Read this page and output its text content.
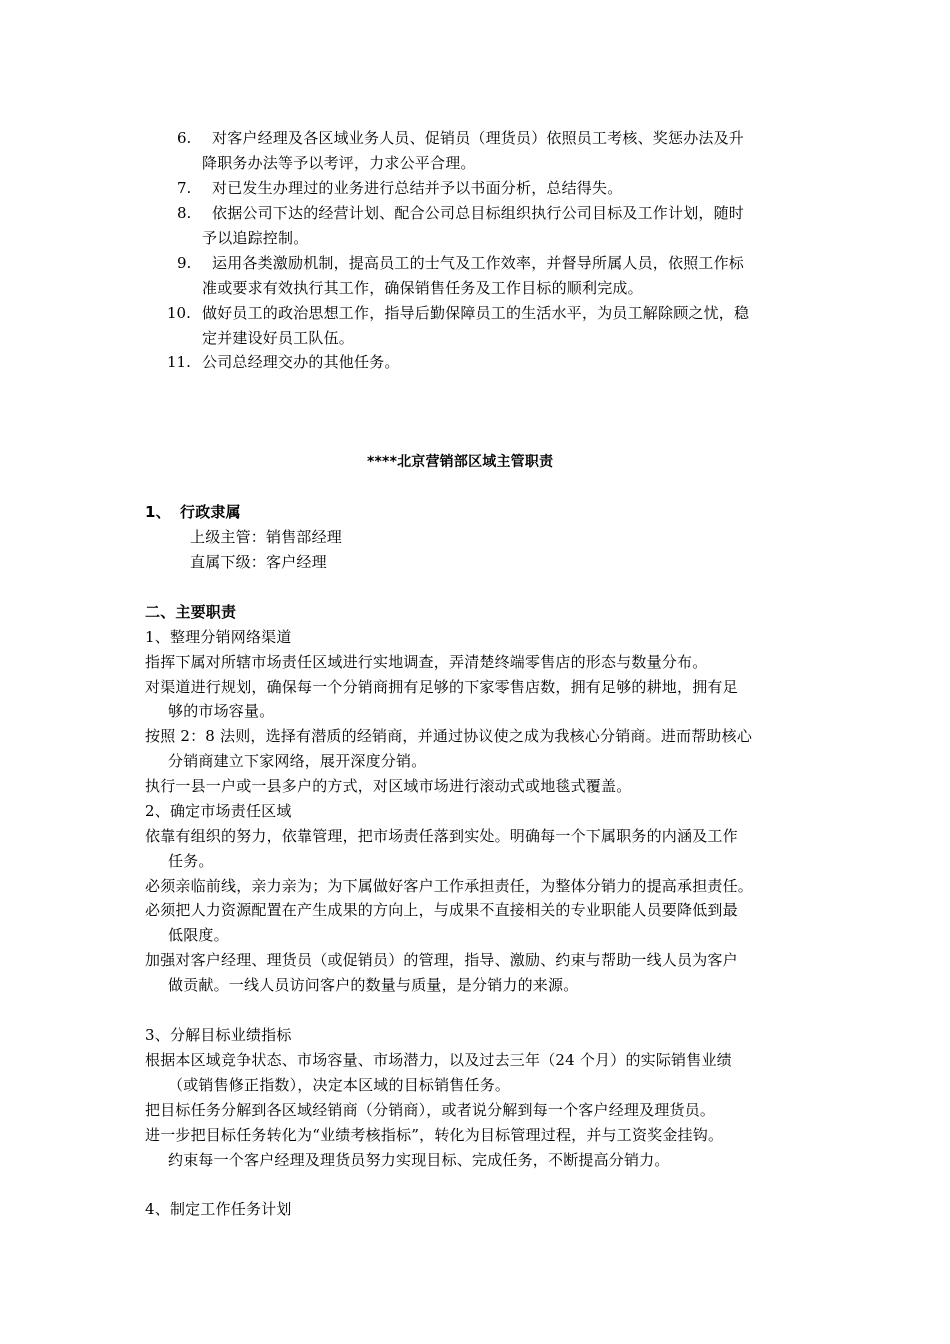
6. 对客户经理及各区域业务人员、促销员（理货员）依照员工考核、奖惩办法及升
降职务办法等予以考评，力求公平合理。
7. 对已发生办理过的业务进行总结并予以书面分析，总结得失。
8. 依据公司下达的经营计划、配合公司总目标组织执行公司目标及工作计划，随时
予以追踪控制。
9. 运用各类激励机制，提高员工的士气及工作效率，并督导所属人员，依照工作标
准或要求有效执行其工作，确保销售任务及工作目标的顺利完成。
10. 做好员工的政治思想工作，指导后勤保障员工的生活水平，为员工解除顾之忧，稳
定并建设好员工队伍。
11. 公司总经理交办的其他任务。
****北京营销部区域主管职责
1、 行政隶属
上级主管：销售部经理
直属下级：客户经理
二、主要职责
1、整理分销网络渠道
指挥下属对所辖市场责任区域进行实地调查，弄清楚终端零售店的形态与数量分布。
对渠道进行规划，确保每一个分销商拥有足够的下家零售店数，拥有足够的耕地，拥有足
够的市场容量。
按照 2：8 法则，选择有潜质的经销商，并通过协议使之成为我核心分销商。进而帮助核心
分销商建立下家网络，展开深度分销。
执行一县一户或一县多户的方式，对区域市场进行滚动式或地毯式覆盖。
2、确定市场责任区域
依靠有组织的努力，依靠管理，把市场责任落到实处。明确每一个下属职务的内涵及工作
任务。
必须亲临前线，亲力亲为；为下属做好客户工作承担责任，为整体分销力的提高承担责任。
必须把人力资源配置在产生成果的方向上，与成果不直接相关的专业职能人员要降低到最
低限度。
加强对客户经理、理货员（或促销员）的管理，指导、激励、约束与帮助一线人员为客户
做贡献。一线人员访问客户的数量与质量，是分销力的来源。
3、分解目标业绩指标
根据本区域竞争状态、市场容量、市场潜力，以及过去三年（24 个月）的实际销售业绩
（或销售修正指数），决定本区域的目标销售任务。
把目标任务分解到各区域经销商（分销商），或者说分解到每一个客户经理及理货员。
进一步把目标任务转化为“业绩考核指标”，转化为目标管理过程，并与工资奖金挂钩。
约束每一个客户经理及理货员努力实现目标、完成任务，不断提高分销力。
4、制定工作任务计划
